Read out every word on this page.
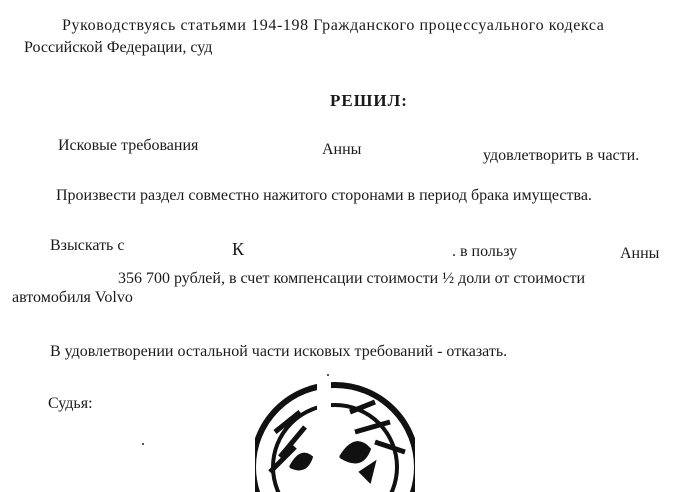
Руководствуясь статьями 194-198 Гражданского процессуального кодекса
Российской Федерации, суд
РЕШИЛ:
Исковые требования	Анны	удовлетворить в части.
Произвести раздел совместно нажитого сторонами в период брака имущества.
Взыскать с	К	. в пользу	Анны
356 700 рублей, в счет компенсации стоимости ½ доли от стоимости
автомобиля Volvo
В удовлетворении остальной части исковых требований - отказать.
Судья:
